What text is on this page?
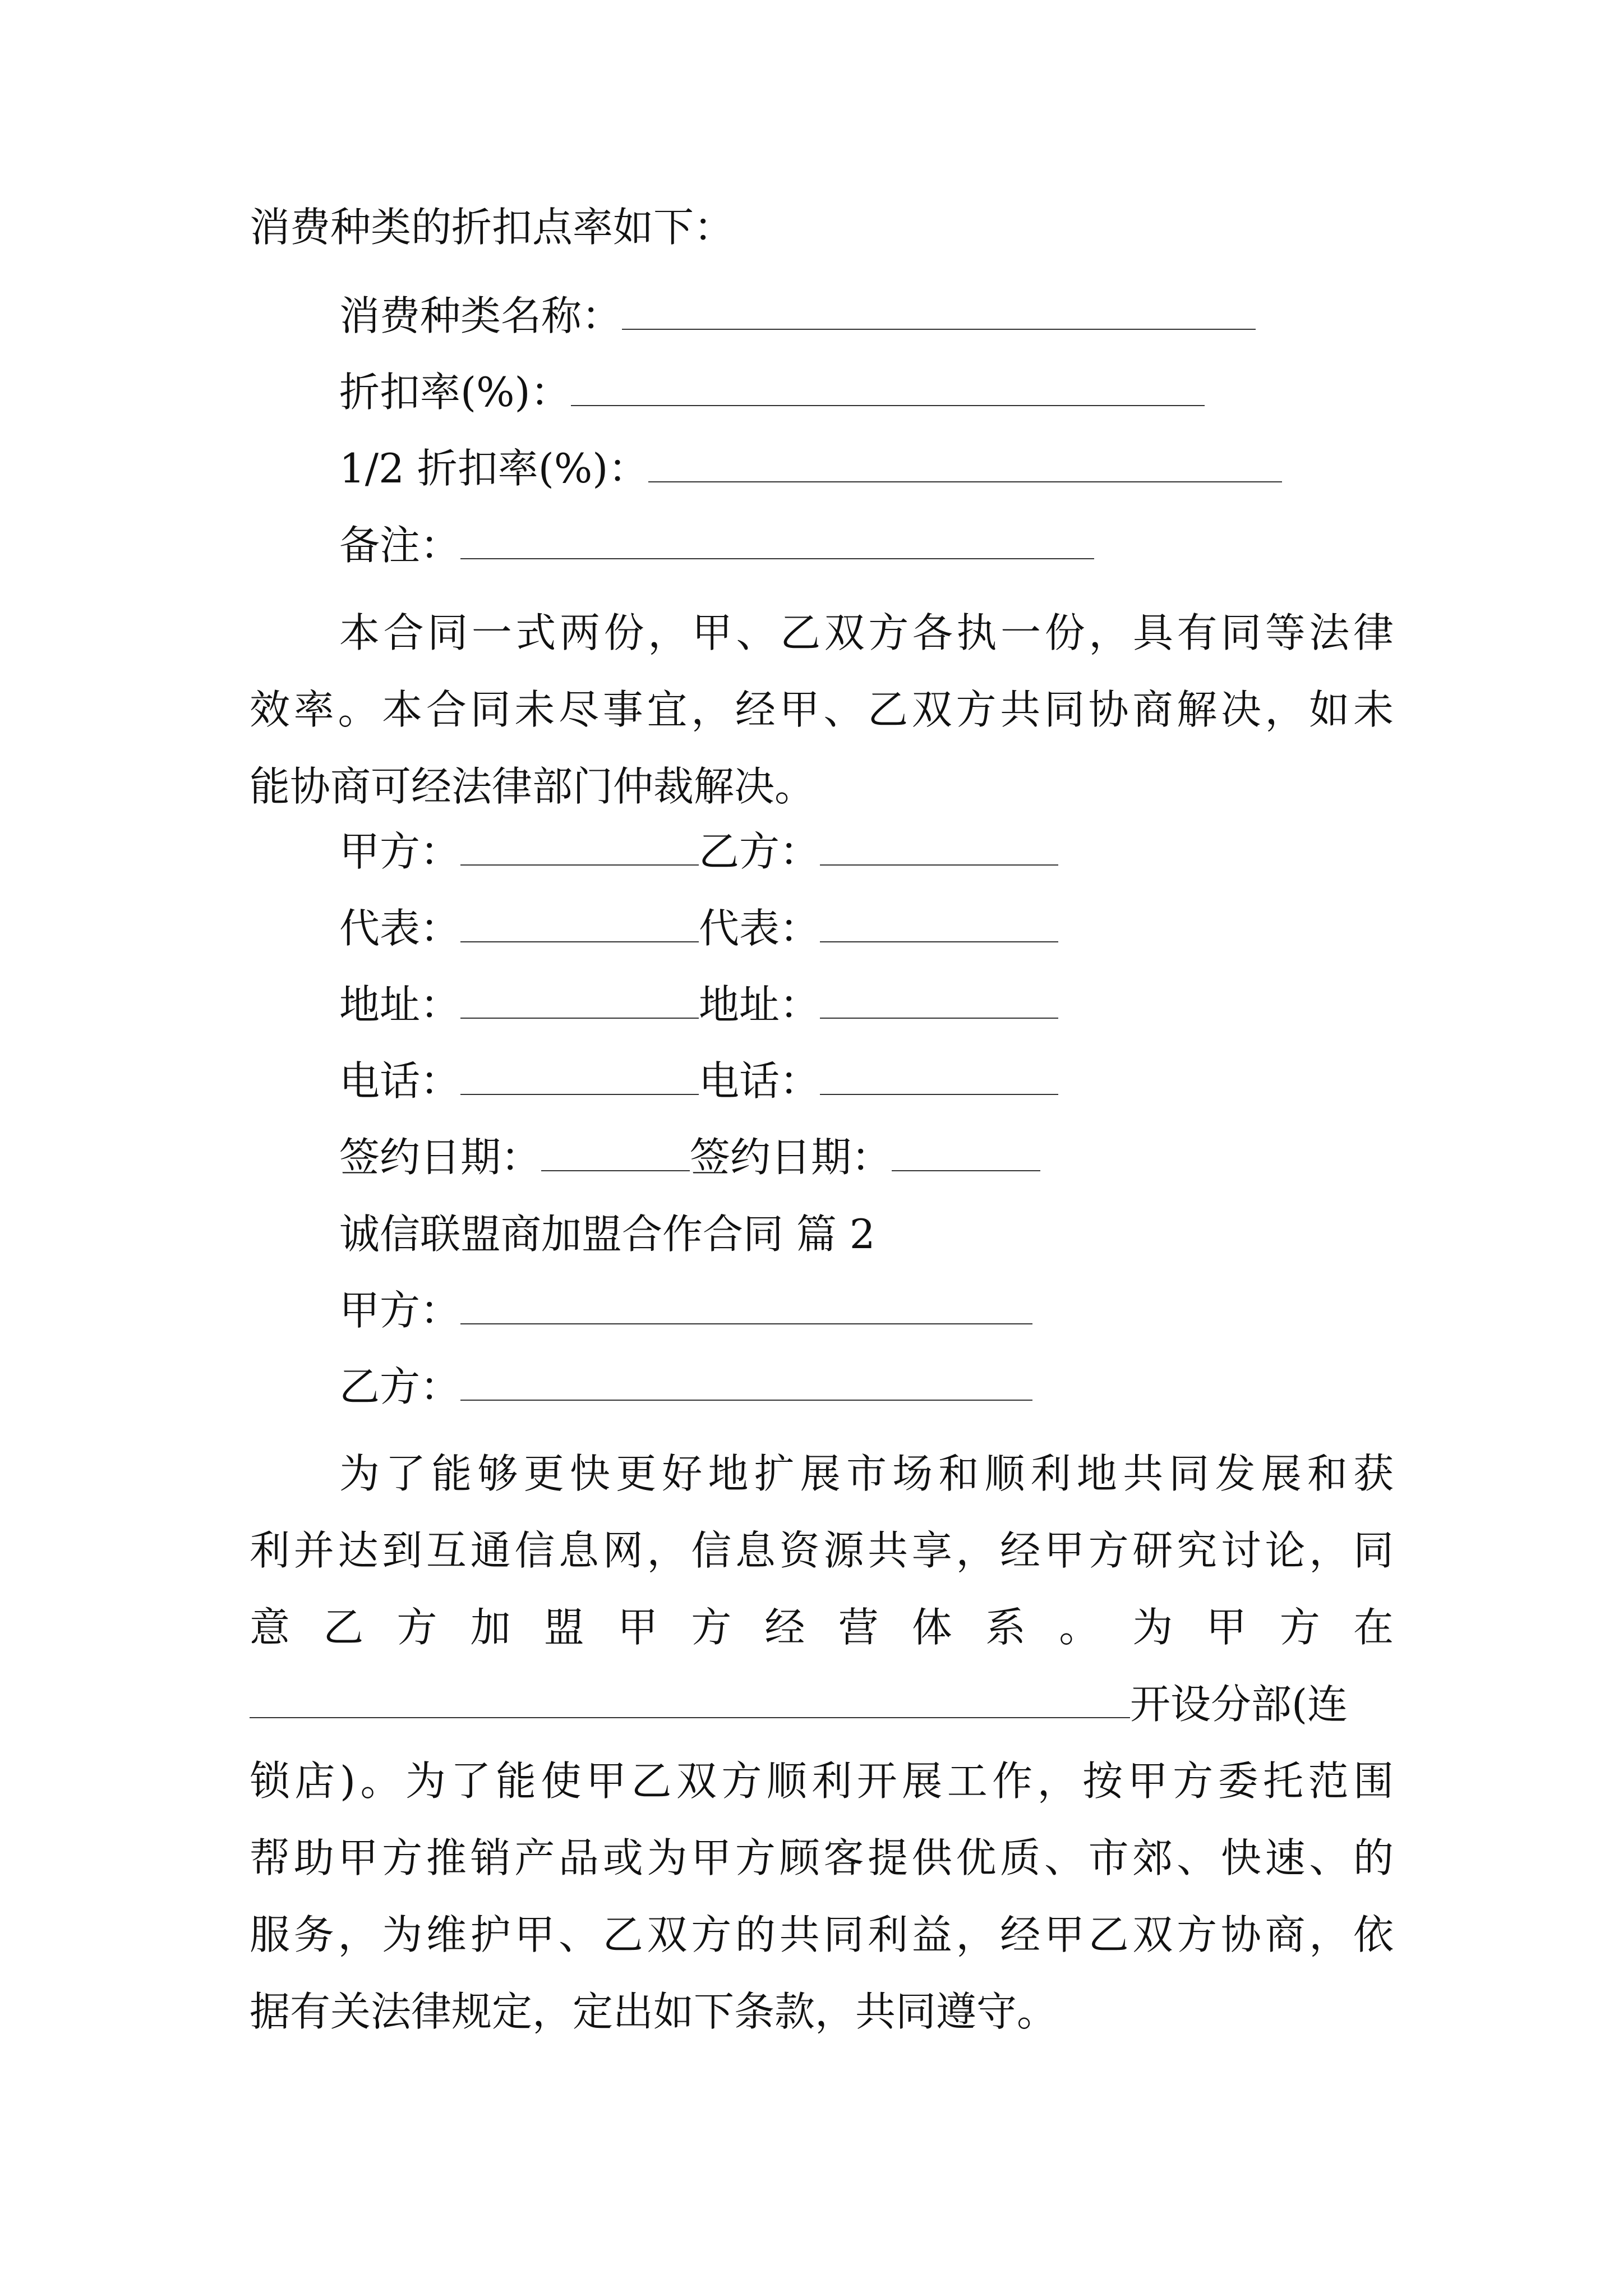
消费种类的折扣点率如下：
消费种类名称：
折扣率(%)：
1/2 折扣率(%)：
备注：
本合同一式两份，甲、乙双方各执一份，具有同等法律
效率。本合同未尽事宜，经甲、乙双方共同协商解决，如未
能协商可经法律部门仲裁解决。
甲方：	乙方：
代表：	代表：
地址：	地址：
电话：	电话：
签约日期：	签约日期：
诚信联盟商加盟合作合同 篇 2
甲方：
乙方：
为了能够更快更好地扩展市场和顺利地共同发展和获
利并达到互通信息网，信息资源共享，经甲方研究讨论，同
意乙方加盟甲方经营体系。为甲方在
开设分部(连
锁店)。为了能使甲乙双方顺利开展工作，按甲方委托范围
帮助甲方推销产品或为甲方顾客提供优质、市郊、快速、的
服务，为维护甲、乙双方的共同利益，经甲乙双方协商，依
据有关法律规定，定出如下条款，共同遵守。
